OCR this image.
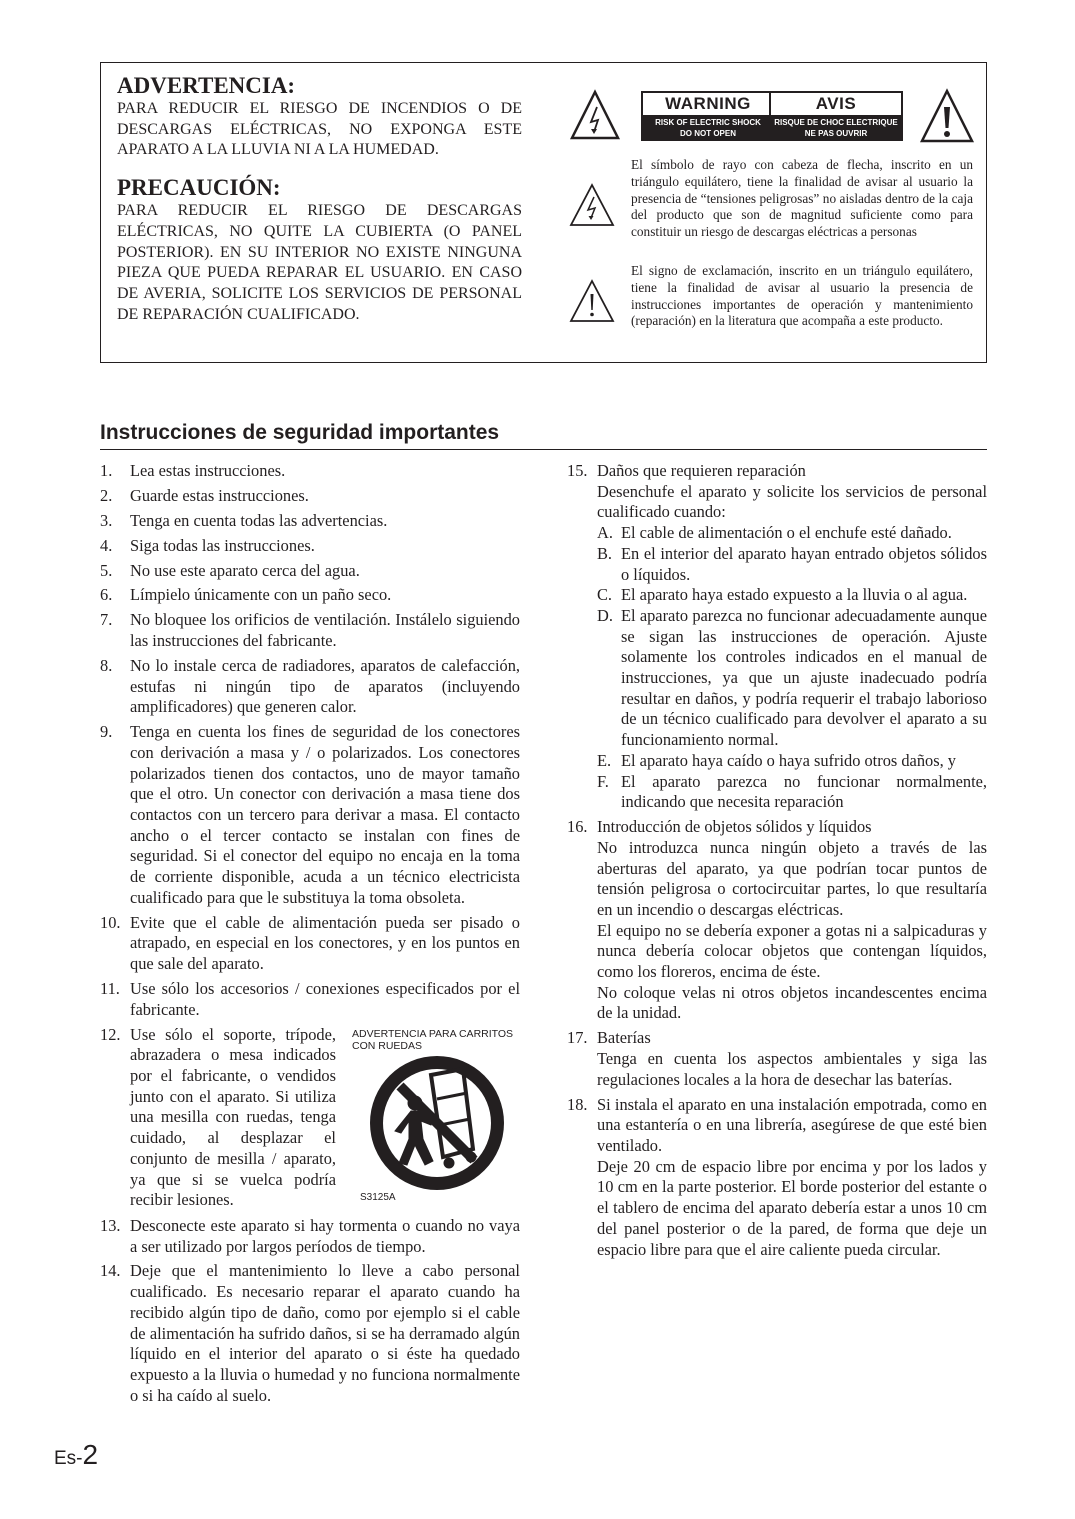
ADVERTENCIA:

PARA REDUCIR EL RIESGO DE INCENDIOS O DE DESCARGAS ELÉCTRICAS, NO EXPONGA ESTE APARATO A LA LLUVIA NI A LA HUMEDAD.

PRECAUCIÓN:

PARA REDUCIR EL RIESGO DE DESCARGAS ELÉCTRICAS, NO QUITE LA CUBIERTA (O PANEL POSTERIOR). EN SU INTERIOR NO EXISTE NINGUNA PIEZA QUE PUEDA REPARAR EL USUARIO. EN CASO DE AVERIA, SOLICITE LOS SERVICIOS DE PERSONAL DE REPARACIÓN CUALIFICADO.

WARNING
RISK OF ELECTRIC SHOCK
DO NOT OPEN
AVIS
RISQUE DE CHOC ELECTRIQUE
NE PAS OUVRIR
El símbolo de rayo con cabeza de flecha, inscrito en un triángulo equilátero, tiene la finalidad de avisar al usuario la presencia de “tensiones peligrosas” no aisladas dentro de la caja del producto que son de magnitud suficiente como para constituir un riesgo de descargas eléctricas a personas
El signo de exclamación, inscrito en un triángulo equilátero, tiene la finalidad de avisar al usuario la presencia de instrucciones importantes de operación y mantenimiento (reparación) en la literatura que acompaña a este producto.
Instrucciones de seguridad importantes
1.	Lea estas instrucciones.
2.	Guarde estas instrucciones.
3.	Tenga en cuenta todas las advertencias.
4.	Siga todas las instrucciones.
5.	No use este aparato cerca del agua.
6.	Límpielo únicamente con un paño seco.
7.	No bloquee los orificios de ventilación. Instálelo siguiendo las instrucciones del fabricante.
8.	No lo instale cerca de radiadores, aparatos de calefacción, estufas ni ningún tipo de aparatos (incluyendo amplificadores) que generen calor.
9.	Tenga en cuenta los fines de seguridad de los conectores con derivación a masa y / o polarizados. Los conectores polarizados tienen dos contactos, uno de mayor tamaño que el otro. Un conector con derivación a masa tiene dos contactos con un tercero para derivar a masa. El contacto ancho o el tercer contacto se instalan con fines de seguridad. Si el conector del equipo no encaja en la toma de corriente disponible, acuda a un técnico electricista cualificado para que le substituya la toma obsoleta.
10. Evite que el cable de alimentación pueda ser pisado o atrapado, en especial en los conectores, y en los puntos en que sale del aparato.
11. Use sólo los accesorios / conexiones especificados por el fabricante.
12. Use sólo el soporte, trípode, abrazadera o mesa indicados por el fabricante, o vendidos junto con el aparato. Si utiliza una mesilla con ruedas, tenga cuidado, al desplazar el conjunto de mesilla / aparato, ya que si se vuelca podría recibir lesiones.
ADVERTENCIA PARA CARRITOS
CON RUEDAS
S3125A
13. Desconecte este aparato si hay tormenta o cuando no vaya a ser utilizado por largos períodos de tiempo.
14. Deje que el mantenimiento lo lleve a cabo personal cualificado. Es necesario reparar el aparato cuando ha recibido algún tipo de daño, como por ejemplo si el cable de alimentación ha sufrido daños, si se ha derramado algún líquido en el interior del aparato o si éste ha quedado expuesto a la lluvia o humedad y no funciona normalmente o si ha caído al suelo.
15. Daños que requieren reparación

Desenchufe el aparato y solicite los servicios de personal cualificado cuando:

A. El cable de alimentación o el enchufe esté dañado.
B. En el interior del aparato hayan entrado objetos sólidos o líquidos.
C. El aparato haya estado expuesto a la lluvia o al agua.
D. El aparato parezca no funcionar adecuadamente aunque se sigan las instrucciones de operación. Ajuste solamente los controles indicados en el manual de instrucciones, ya que un ajuste inadecuado podría resultar en daños, y podría requerir el trabajo laborioso de un técnico cualificado para devolver el aparato a su funcionamiento normal.
E. El aparato haya caído o haya sufrido otros daños, y
F. El aparato parezca no funcionar normalmente, indicando que necesita reparación
16. Introducción de objetos sólidos y líquidos

No introduzca nunca ningún objeto a través de las aberturas del aparato, ya que podrían tocar puntos de tensión peligrosa o cortocircuitar partes, lo que resultaría en un incendio o descargas eléctricas.

El equipo no se debería exponer a gotas ni a salpicaduras y nunca debería colocar objetos que contengan líquidos, como los floreros, encima de éste.

No coloque velas ni otros objetos incandescentes encima de la unidad.

17. Baterías

Tenga en cuenta los aspectos ambientales y siga las regulaciones locales a la hora de desechar las baterías.

18. Si instala el aparato en una instalación empotrada, como en una estantería o en una librería, asegúrese de que esté bien ventilado.

Deje 20 cm de espacio libre por encima y por los lados y 10 cm en la parte posterior. El borde posterior del estante o el tablero de encima del aparato debería estar a unos 10 cm del panel posterior o de la pared, de forma que deje un espacio libre para que el aire caliente pueda circular.

Es-2
